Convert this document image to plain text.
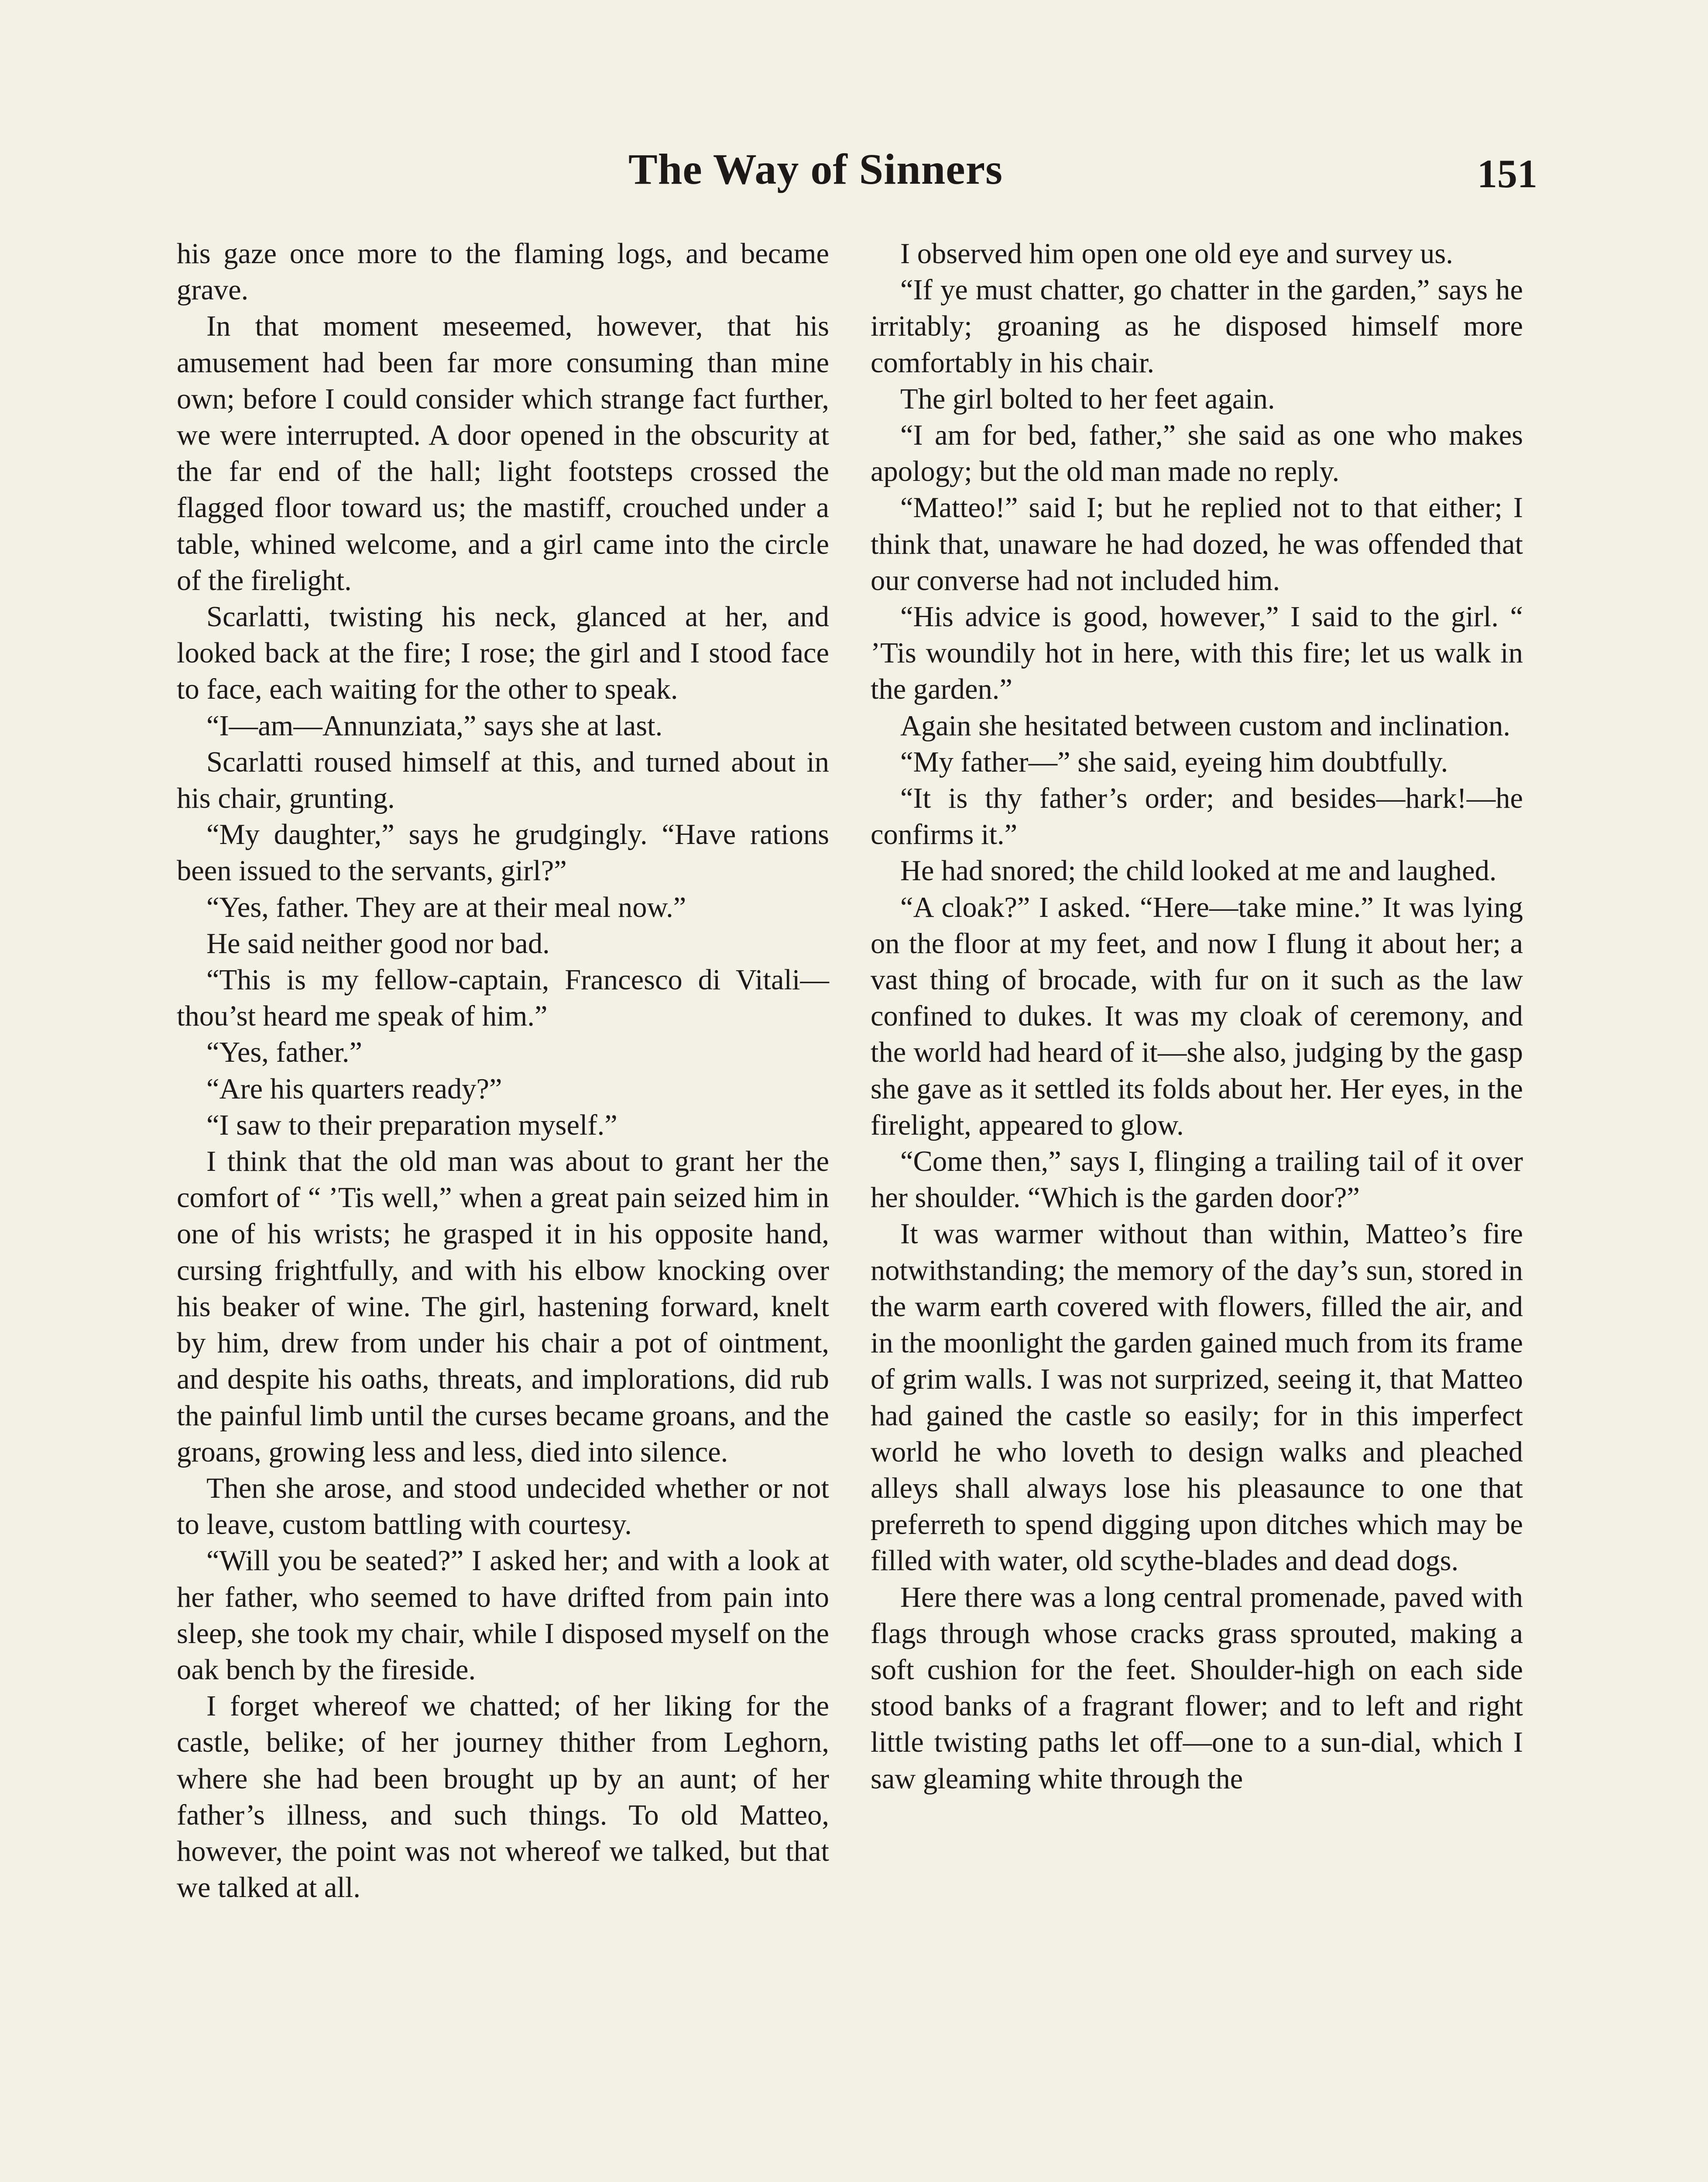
The Way of Sinners	151

his gaze once more to the flaming logs, and became grave.

In that moment meseemed, however, that his amusement had been far more consuming than mine own; before I could consider which strange fact further, we were interrupted. A door opened in the obscurity at the far end of the hall; light footsteps crossed the flagged floor toward us; the mastiff, crouched under a table, whined welcome, and a girl came into the circle of the firelight.

Scarlatti, twisting his neck, glanced at her, and looked back at the fire; I rose; the girl and I stood face to face, each waiting for the other to speak.

“I—am—Annunziata,” says she at last.

Scarlatti roused himself at this, and turned about in his chair, grunting.

“My daughter,” says he grudgingly. “Have rations been issued to the servants, girl?”

“Yes, father. They are at their meal now.”

He said neither good nor bad.

“This is my fellow-captain, Francesco di Vitali—thou’st heard me speak of him.”

“Yes, father.”

“Are his quarters ready?”

“I saw to their preparation myself.”

I think that the old man was about to grant her the comfort of “ ’Tis well,” when a great pain seized him in one of his wrists; he grasped it in his opposite hand, cursing frightfully, and with his elbow knocking over his beaker of wine. The girl, hastening forward, knelt by him, drew from under his chair a pot of ointment, and despite his oaths, threats, and implorations, did rub the painful limb until the curses became groans, and the groans, growing less and less, died into silence.

Then she arose, and stood undecided whether or not to leave, custom battling with courtesy.

“Will you be seated?” I asked her; and with a look at her father, who seemed to have drifted from pain into sleep, she took my chair, while I disposed myself on the oak bench by the fireside.

I forget whereof we chatted; of her liking for the castle, belike; of her journey thither from Leghorn, where she had been brought up by an aunt; of her father’s illness, and such things. To old Matteo, however, the point was not whereof we talked, but that we talked at all.

I observed him open one old eye and survey us.

“If ye must chatter, go chatter in the garden,” says he irritably; groaning as he disposed himself more comfortably in his chair.

The girl bolted to her feet again.

“I am for bed, father,” she said as one who makes apology; but the old man made no reply.

“Matteo!” said I; but he replied not to that either; I think that, unaware he had dozed, he was offended that our converse had not included him.

“His advice is good, however,” I said to the girl. “ ’Tis woundily hot in here, with this fire; let us walk in the garden.”

Again she hesitated between custom and inclination.

“My father—” she said, eyeing him doubtfully.

“It is thy father’s order; and besides—hark!—he confirms it.”

He had snored; the child looked at me and laughed.

“A cloak?” I asked. “Here—take mine.” It was lying on the floor at my feet, and now I flung it about her; a vast thing of brocade, with fur on it such as the law confined to dukes. It was my cloak of ceremony, and the world had heard of it—she also, judging by the gasp she gave as it settled its folds about her. Her eyes, in the firelight, appeared to glow.

“Come then,” says I, flinging a trailing tail of it over her shoulder. “Which is the garden door?”

It was warmer without than within, Matteo’s fire notwithstanding; the memory of the day’s sun, stored in the warm earth covered with flowers, filled the air, and in the moonlight the garden gained much from its frame of grim walls. I was not surprized, seeing it, that Matteo had gained the castle so easily; for in this imperfect world he who loveth to design walks and pleached alleys shall always lose his pleasaunce to one that preferreth to spend digging upon ditches which may be filled with water, old scythe-blades and dead dogs.

Here there was a long central promenade, paved with flags through whose cracks grass sprouted, making a soft cushion for the feet. Shoulder-high on each side stood banks of a fragrant flower; and to left and right little twisting paths let off—one to a sun-dial, which I saw gleaming white through the
